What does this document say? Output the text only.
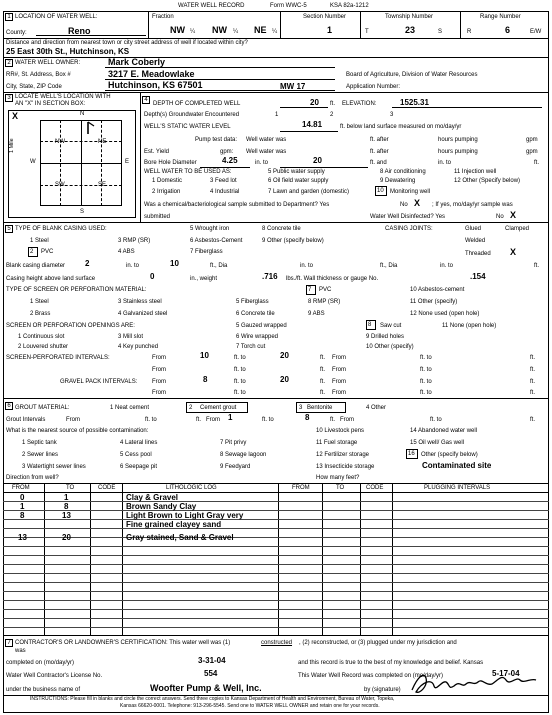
WATER WELL RECORD	Form WWC-5	KSA 82a-1212
1 LOCATION OF WATER WELL:
County:	Reno
Fraction
NW ¼ NW ¼ NE ¼
Section Number
1
Township Number
T	23	S
Range Number
R	6	E/W
Distance and direction from nearest town or city street address of well if located within city?
25 East 30th St., Hutchinson, KS
2 WATER WELL OWNER:	Mark Coberly
RR#, St. Address, Box #	3217 E. Meadowlake	Board of Agriculture, Division of Water Resources
City, State, ZIP Code	Hutchinson, KS 67501	MW 17	Application Number:
3 LOCATE WELL'S LOCATION WITH
AN "X" IN SECTION BOX:
X	N
S
W	E
NW	NE
SW	SE
1 Mile
4
DEPTH OF COMPLETED WELL	20 ft. ELEVATION:	1525.31
Depth(s) Groundwater Encountered	1	2	3
WELL'S STATIC WATER LEVEL	14.81	ft. below land surface measured on mo/day/yr
Pump test data: Well water was	ft. after	hours pumping	gpm
Est. Yield	gpm: Well water was	ft. after	hours pumping	gpm
Bore Hole Diameter	4.25	in. to	20	ft. and	in. to	ft.
WELL WATER TO BE USED AS:
1 Domestic	3 Feed lot
5 Public water supply	8 Air conditioning	11 Injection well
2 Irrigation	4 Industrial
6 Oil field water supply	9 Dewatering	12 Other (Specify below)
7 Lawn and garden (domestic)	10 Monitoring well
Was a chemical/bacteriological sample submitted to Department? Yes	No X ; If yes, mo/day/yr sample was
submitted	Water Well Disinfected? Yes	No X
5 TYPE OF BLANK CASING USED:
1 Steel	3 RMP (SR)
5 Wrought iron	8 Concrete tile
2 PVC	4 ABS
6 Asbestos-Cement	9 Other (specify below)
7 Fiberglass
CASING JOINTS:	Glued	Clamped
Welded
Threaded X
Blank casing diameter 2	in. to	10	ft., Dia	in. to	ft., Dia	in. to	ft.
Casing height above land surface	0	in., weight	.716 lbs./ft. Wall thickness or gauge No.	.154
TYPE OF SCREEN OR PERFORATION MATERIAL:
1 Steel	3 Stainless steel	5 Fiberglass
7 PVC	10 Asbestos-cement
2 Brass	4 Galvanized steel	6 Concrete tile
8 RMP (SR)	11 Other (specify)
9 ABS	12 None used (open hole)
SCREEN OR PERFORATION OPENINGS ARE:	5 Gauzed wrapped	8 Saw cut	11 None (open hole)
1 Continuous slot	3 Mill slot	6 Wire wrapped	9 Drilled holes
2 Louvered shutter	4 Key punched	7 Torch cut	10 Other (specify)
SCREEN-PERFORATED INTERVALS:	From	10	ft. to	20	ft. From	ft. to	ft.
From	ft. to	ft. From	ft. to	ft.
GRAVEL PACK INTERVALS: From	8	ft. to	20	ft. From	ft. to	ft.
From	ft. to	ft. From	ft. to	ft.
6 GROUT MATERIAL:	1 Neat cement	2 Cement grout	3 Bentonite	4 Other
Grout Intervals	From	ft. to	ft. From 1	ft. to	8	ft. From	ft. to	ft.
What is the nearest source of possible contamination:
1 Septic tank	4 Lateral lines	7 Pit privy
10 Livestock pens	14 Abandoned water well
2 Sewer lines	5 Cess pool	8 Sewage lagoon
11 Fuel storage	15 Oil well/ Gas well
3 Watertight sewer lines	6 Seepage pit	9 Feedyard
12 Fertilizer storage	16 Other (specify below)
13 Insecticide storage	Contaminated site
Direction from well?	How many feet?
FROM	TO	CODE	LITHOLOGIC LOG	FROM	TO	CODE	PLUGGING INTERVALS
0	1	Clay & Gravel
1	8	Brown Sandy Clay
8	13	Light Brown to Light Gray very
Fine grained clayey sand
13	20	Gray stained, Sand & Gravel
7 CONTRACTOR'S OR LANDOWNER'S CERTIFICATION: This water well was (1)	constructed , (2) reconstructed, or (3) plugged under my jurisdiction and
was
completed on (mo/day/yr)	3-31-04	and this record is true to the best of my knowledge and belief. Kansas
Water Well Contractor's License No.	554	This Water Well Record was completed on (mo/day/yr)	5-17-04
under the business name of	Woofter Pump & Well, Inc.	by (signature)
INSTRUCTIONS: Please fill in blanks and circle the correct answers. Send three copies to Kansas Department of Health and Environment, Bureau of Water, Topeka,
Kansas 66620-0001. Telephone: 913-296-5545. Send one to WATER WELL OWNER and retain one for your records.
